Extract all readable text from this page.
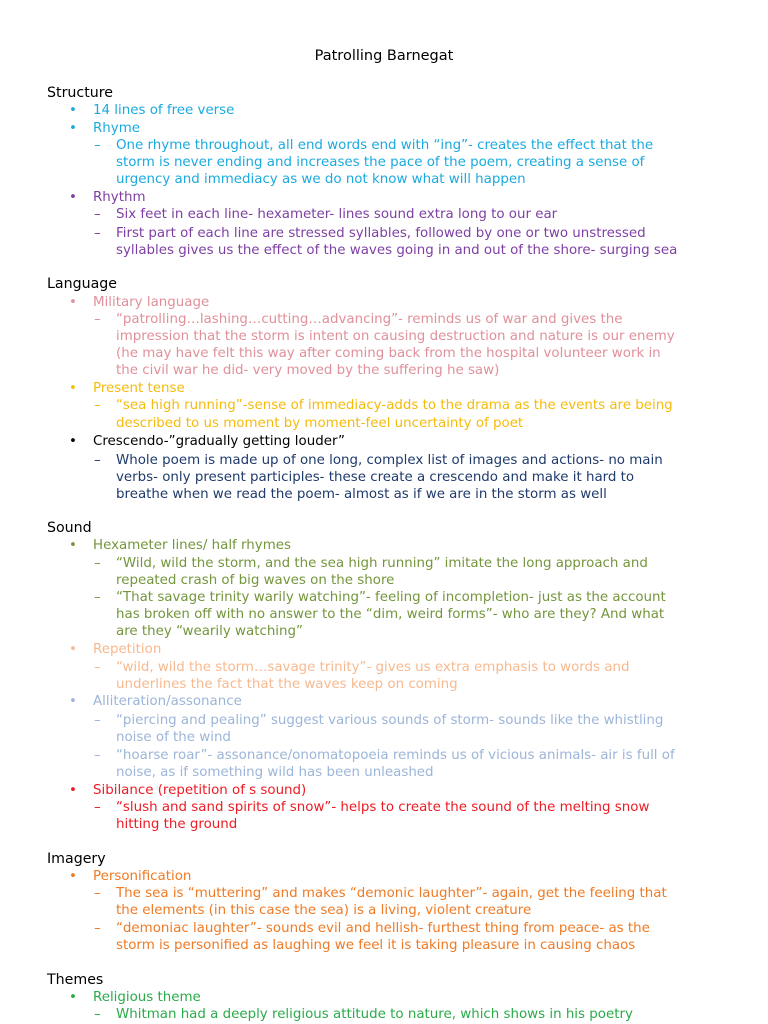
Patrolling Barnegat
Structure
• 14 lines of free verse
• Rhyme
– One rhyme throughout, all end words end with “ing”- creates the effect that the
storm is never ending and increases the pace of the poem, creating a sense of
urgency and immediacy as we do not know what will happen
• Rhythm
– Six feet in each line- hexameter- lines sound extra long to our ear
– First part of each line are stressed syllables, followed by one or two unstressed
syllables gives us the effect of the waves going in and out of the shore- surging sea
Language
• Military language
– “patrolling…lashing…cutting…advancing”- reminds us of war and gives the
impression that the storm is intent on causing destruction and nature is our enemy
(he may have felt this way after coming back from the hospital volunteer work in
the civil war he did- very moved by the suffering he saw)
• Present tense
– “sea high running”-sense of immediacy-adds to the drama as the events are being
described to us moment by moment-feel uncertainty of poet
• Crescendo-”gradually getting louder”
– Whole poem is made up of one long, complex list of images and actions- no main
verbs- only present participles- these create a crescendo and make it hard to
breathe when we read the poem- almost as if we are in the storm as well
Sound
• Hexameter lines/ half rhymes
– “Wild, wild the storm, and the sea high running” imitate the long approach and
repeated crash of big waves on the shore
– “That savage trinity warily watching”- feeling of incompletion- just as the account
has broken off with no answer to the “dim, weird forms”- who are they? And what
are they “wearily watching”
• Repetition
– “wild, wild the storm…savage trinity”- gives us extra emphasis to words and
underlines the fact that the waves keep on coming
• Alliteration/assonance
– “piercing and pealing” suggest various sounds of storm- sounds like the whistling
noise of the wind
– “hoarse roar”- assonance/onomatopoeia reminds us of vicious animals- air is full of
noise, as if something wild has been unleashed
• Sibilance (repetition of s sound)
– “slush and sand spirits of snow”- helps to create the sound of the melting snow
hitting the ground
Imagery
• Personification
– The sea is “muttering” and makes “demonic laughter”- again, get the feeling that
the elements (in this case the sea) is a living, violent creature
– “demoniac laughter”- sounds evil and hellish- furthest thing from peace- as the
storm is personified as laughing we feel it is taking pleasure in causing chaos
Themes
• Religious theme
– Whitman had a deeply religious attitude to nature, which shows in his poetry
